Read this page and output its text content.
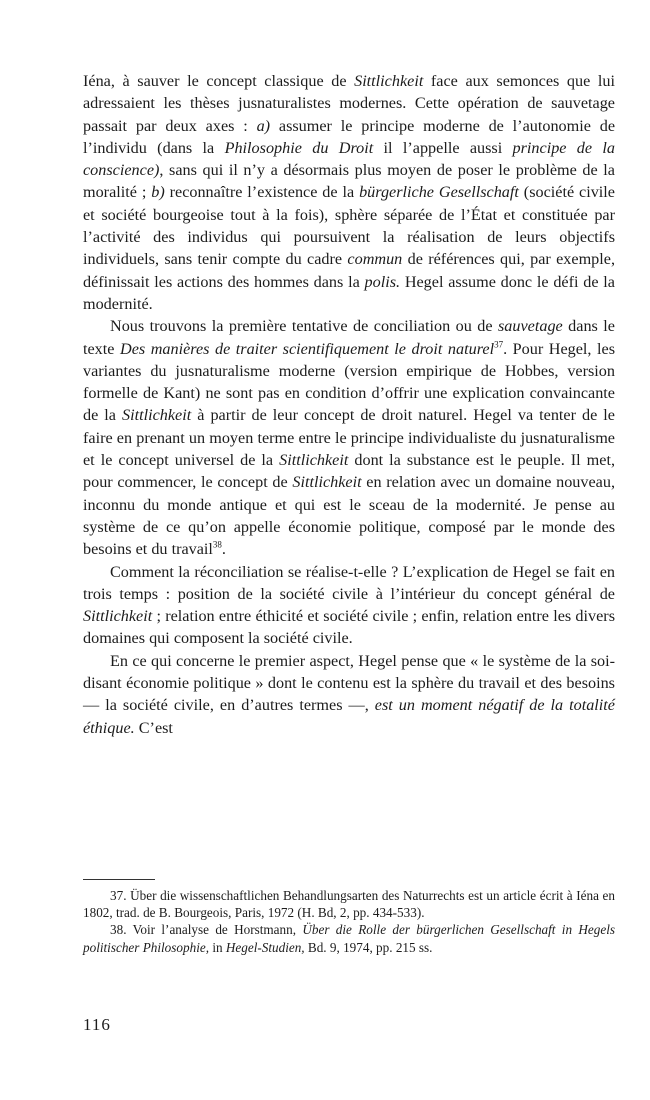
Iéna, à sauver le concept classique de Sittlichkeit face aux semonces que lui adressaient les thèses jusnaturalistes modernes. Cette opération de sauvetage passait par deux axes : a) assumer le principe moderne de l’autonomie de l’individu (dans la Philosophie du Droit il l’appelle aussi principe de la conscience), sans qui il n’y a désormais plus moyen de poser le problème de la moralité ; b) reconnaître l’existence de la bürgerliche Gesellschaft (société civile et société bourgeoise tout à la fois), sphère séparée de l’État et constituée par l’activité des individus qui poursuivent la réalisation de leurs objectifs individuels, sans tenir compte du cadre commun de références qui, par exemple, définissait les actions des hommes dans la polis. Hegel assume donc le défi de la modernité.

Nous trouvons la première tentative de conciliation ou de sauvetage dans le texte Des manières de traiter scientifiquement le droit naturel$^{37}$. Pour Hegel, les variantes du jusnaturalisme moderne (version empirique de Hobbes, version formelle de Kant) ne sont pas en condition d’offrir une explication convaincante de la Sittlichkeit à partir de leur concept de droit naturel. Hegel va tenter de le faire en prenant un moyen terme entre le principe individualiste du jusnaturalisme et le concept universel de la Sittlichkeit dont la substance est le peuple. Il met, pour commencer, le concept de Sittlichkeit en relation avec un domaine nouveau, inconnu du monde antique et qui est le sceau de la modernité. Je pense au système de ce qu’on appelle économie politique, composé par le monde des besoins et du travail$^{38}$.

Comment la réconciliation se réalise-t-elle ? L’explication de Hegel se fait en trois temps : position de la société civile à l’intérieur du concept général de Sittlichkeit ; relation entre éthicité et société civile ; enfin, relation entre les divers domaines qui composent la société civile.

En ce qui concerne le premier aspect, Hegel pense que « le système de la soi-disant économie politique » dont le contenu est la sphère du travail et des besoins — la société civile, en d’autres termes —, est un moment négatif de la totalité éthique. C’est

37. Über die wissenschaftlichen Behandlungsarten des Naturrechts est un article écrit à Iéna en 1802, trad. de B. Bourgeois, Paris, 1972 (H. Bd, 2, pp. 434-533).

38. Voir l’analyse de Horstmann, Über die Rolle der bürgerlichen Gesellschaft in Hegels politischer Philosophie, in Hegel-Studien, Bd. 9, 1974, pp. 215 ss.

116
